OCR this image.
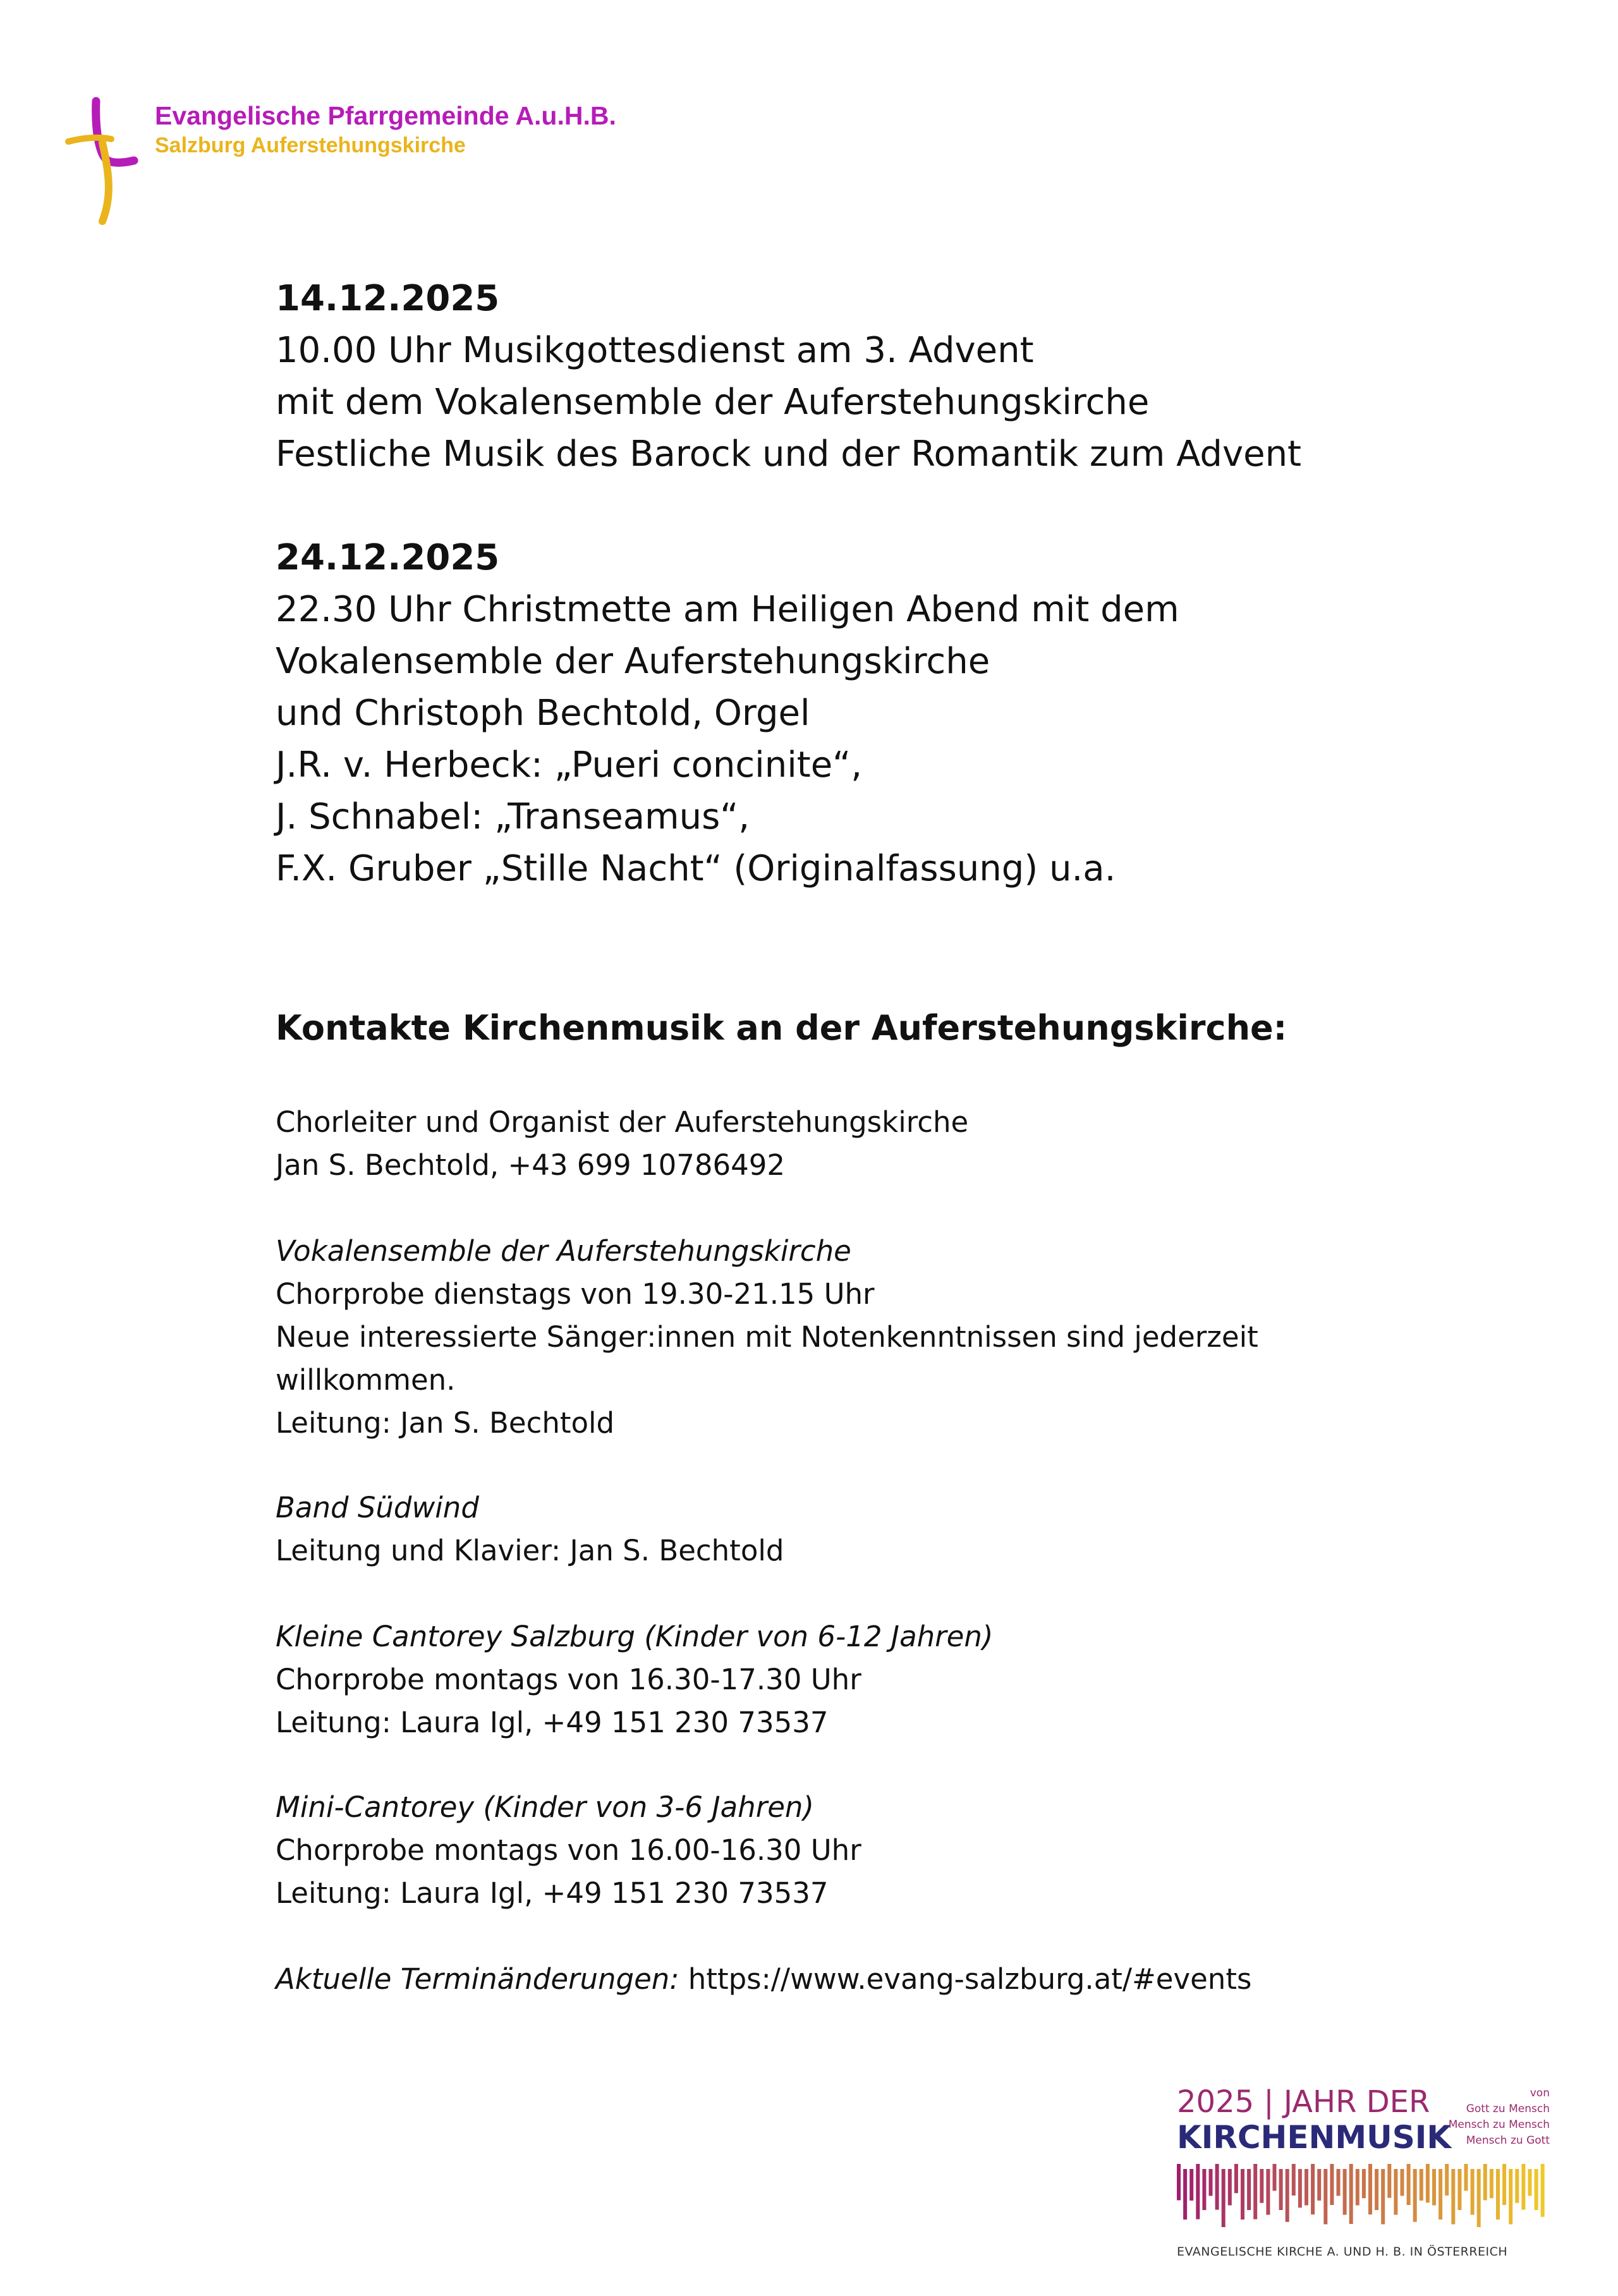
Evangelische Pfarrgemeinde A.u.H.B.
Salzburg Auferstehungskirche
14.12.2025
10.00 Uhr Musikgottesdienst am 3. Advent
mit dem Vokalensemble der Auferstehungskirche
Festliche Musik des Barock und der Romantik zum Advent
24.12.2025
22.30 Uhr Christmette am Heiligen Abend mit dem
Vokalensemble der Auferstehungskirche
und Christoph Bechtold, Orgel
J.R. v. Herbeck: „Pueri concinite“,
J. Schnabel: „Transeamus“,
F.X. Gruber „Stille Nacht“ (Originalfassung) u.a.
Kontakte Kirchenmusik an der Auferstehungskirche:
Chorleiter und Organist der Auferstehungskirche
Jan S. Bechtold, +43 699 10786492
Vokalensemble der Auferstehungskirche
Chorprobe dienstags von 19.30-21.15 Uhr
Neue interessierte Sänger:innen mit Notenkenntnissen sind jederzeit
willkommen.
Leitung: Jan S. Bechtold
Band Südwind
Leitung und Klavier: Jan S. Bechtold
Kleine Cantorey Salzburg (Kinder von 6-12 Jahren)
Chorprobe montags von 16.30-17.30 Uhr
Leitung: Laura Igl, +49 151 230 73537
Mini-Cantorey (Kinder von 3-6 Jahren)
Chorprobe montags von 16.00-16.30 Uhr
Leitung: Laura Igl, +49 151 230 73537
Aktuelle Terminänderungen: https://www.evang-salzburg.at/#events
2025 | JAHR DER
KIRCHENMUSIK
von
Gott zu Mensch
Mensch zu Mensch
Mensch zu Gott
EVANGELISCHE KIRCHE A. UND H. B. IN ÖSTERREICH
